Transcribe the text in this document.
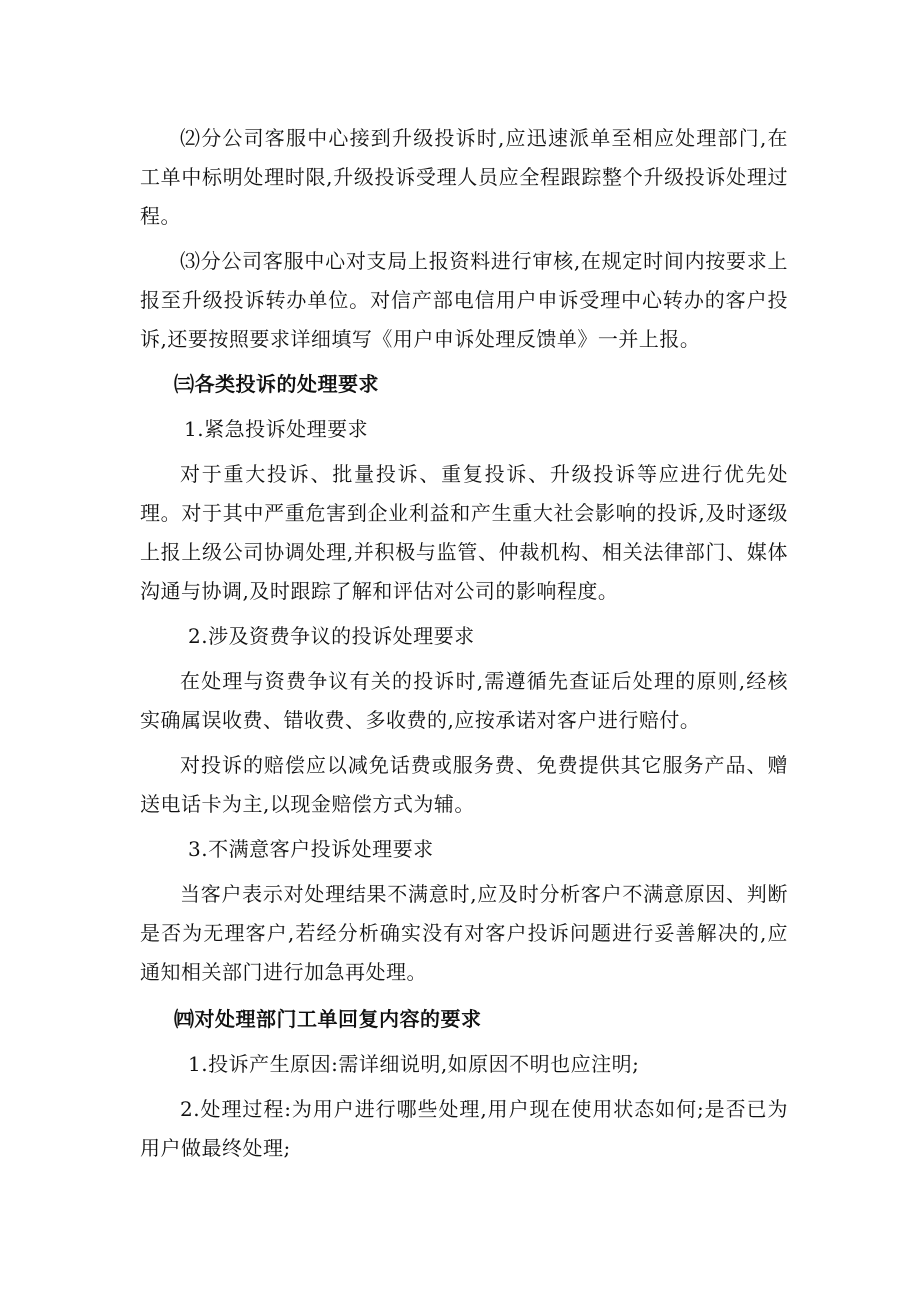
⑵分公司客服中心接到升级投诉时,应迅速派单至相应处理部门,在工单中标明处理时限,升级投诉受理人员应全程跟踪整个升级投诉处理过程。

⑶分公司客服中心对支局上报资料进行审核,在规定时间内按要求上报至升级投诉转办单位。对信产部电信用户申诉受理中心转办的客户投诉,还要按照要求详细填写《用户申诉处理反馈单》一并上报。

㈢各类投诉的处理要求

1.紧急投诉处理要求

对于重大投诉、批量投诉、重复投诉、升级投诉等应进行优先处理。对于其中严重危害到企业利益和产生重大社会影响的投诉,及时逐级上报上级公司协调处理,并积极与监管、仲裁机构、相关法律部门、媒体沟通与协调,及时跟踪了解和评估对公司的影响程度。

2.涉及资费争议的投诉处理要求

在处理与资费争议有关的投诉时,需遵循先查证后处理的原则,经核实确属误收费、错收费、多收费的,应按承诺对客户进行赔付。

对投诉的赔偿应以减免话费或服务费、免费提供其它服务产品、赠送电话卡为主,以现金赔偿方式为辅。

3.不满意客户投诉处理要求

当客户表示对处理结果不满意时,应及时分析客户不满意原因、判断是否为无理客户,若经分析确实没有对客户投诉问题进行妥善解决的,应通知相关部门进行加急再处理。

㈣对处理部门工单回复内容的要求

1.投诉产生原因:需详细说明,如原因不明也应注明;

2.处理过程:为用户进行哪些处理,用户现在使用状态如何;是否已为用户做最终处理;
